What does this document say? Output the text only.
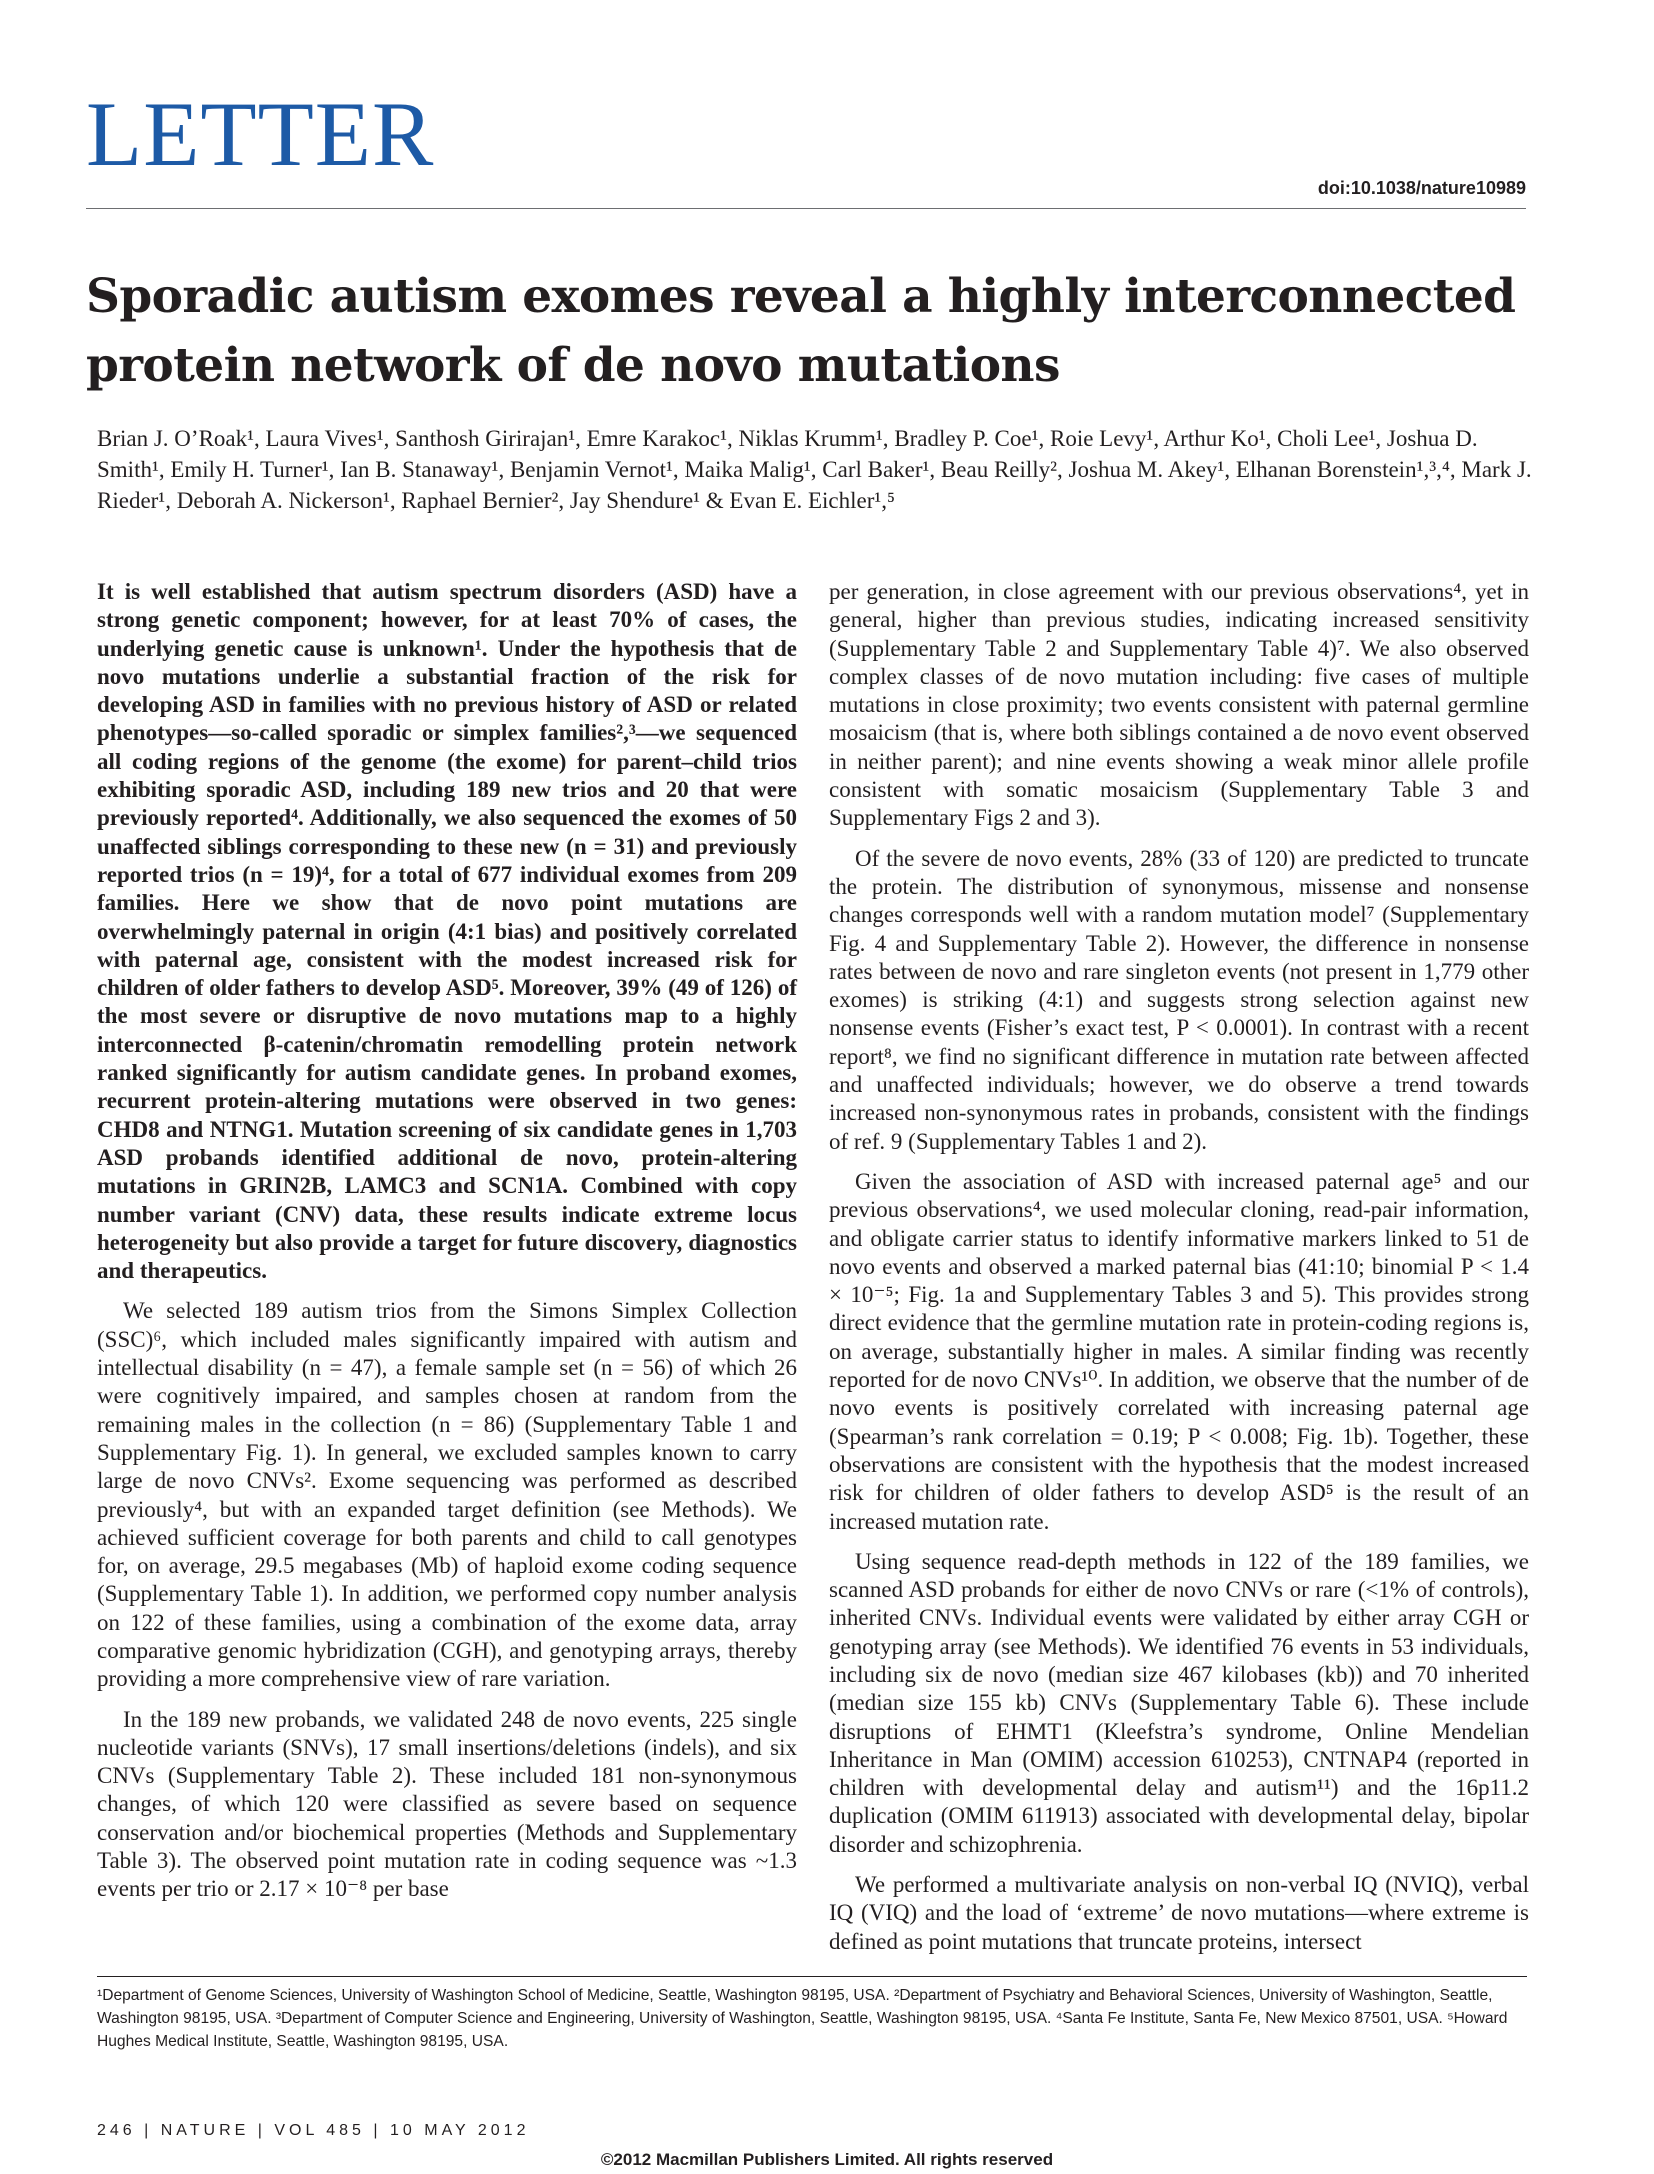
LETTER
doi:10.1038/nature10989
Sporadic autism exomes reveal a highly interconnected protein network of de novo mutations

Brian J. O’Roak¹, Laura Vives¹, Santhosh Girirajan¹, Emre Karakoc¹, Niklas Krumm¹, Bradley P. Coe¹, Roie Levy¹, Arthur Ko¹, Choli Lee¹, Joshua D. Smith¹, Emily H. Turner¹, Ian B. Stanaway¹, Benjamin Vernot¹, Maika Malig¹, Carl Baker¹, Beau Reilly², Joshua M. Akey¹, Elhanan Borenstein¹,³,⁴, Mark J. Rieder¹, Deborah A. Nickerson¹, Raphael Bernier², Jay Shendure¹ & Evan E. Eichler¹,⁵

It is well established that autism spectrum disorders (ASD) have a strong genetic component; however, for at least 70% of cases, the underlying genetic cause is unknown¹. Under the hypothesis that de novo mutations underlie a substantial fraction of the risk for developing ASD in families with no previous history of ASD or related phenotypes—so-called sporadic or simplex families²,³—we sequenced all coding regions of the genome (the exome) for parent–child trios exhibiting sporadic ASD, including 189 new trios and 20 that were previously reported⁴. Additionally, we also sequenced the exomes of 50 unaffected siblings corresponding to these new (n = 31) and previously reported trios (n = 19)⁴, for a total of 677 individual exomes from 209 families. Here we show that de novo point mutations are overwhelmingly paternal in origin (4:1 bias) and positively correlated with paternal age, consistent with the modest increased risk for children of older fathers to develop ASD⁵. Moreover, 39% (49 of 126) of the most severe or disruptive de novo mutations map to a highly interconnected β-catenin/chromatin remodelling protein network ranked significantly for autism candidate genes. In proband exomes, recurrent protein-altering mutations were observed in two genes: CHD8 and NTNG1. Mutation screening of six candidate genes in 1,703 ASD probands identified additional de novo, protein-altering mutations in GRIN2B, LAMC3 and SCN1A. Combined with copy number variant (CNV) data, these results indicate extreme locus heterogeneity but also provide a target for future discovery, diagnostics and therapeutics.

We selected 189 autism trios from the Simons Simplex Collection (SSC)⁶, which included males significantly impaired with autism and intellectual disability (n = 47), a female sample set (n = 56) of which 26 were cognitively impaired, and samples chosen at random from the remaining males in the collection (n = 86) (Supplementary Table 1 and Supplementary Fig. 1). In general, we excluded samples known to carry large de novo CNVs². Exome sequencing was performed as described previously⁴, but with an expanded target definition (see Methods). We achieved sufficient coverage for both parents and child to call genotypes for, on average, 29.5 megabases (Mb) of haploid exome coding sequence (Supplementary Table 1). In addition, we performed copy number analysis on 122 of these families, using a combination of the exome data, array comparative genomic hybridization (CGH), and genotyping arrays, thereby providing a more comprehensive view of rare variation.

In the 189 new probands, we validated 248 de novo events, 225 single nucleotide variants (SNVs), 17 small insertions/deletions (indels), and six CNVs (Supplementary Table 2). These included 181 non-synonymous changes, of which 120 were classified as severe based on sequence conservation and/or biochemical properties (Methods and Supplementary Table 3). The observed point mutation rate in coding sequence was ~1.3 events per trio or 2.17 × 10⁻⁸ per base

per generation, in close agreement with our previous observations⁴, yet in general, higher than previous studies, indicating increased sensitivity (Supplementary Table 2 and Supplementary Table 4)⁷. We also observed complex classes of de novo mutation including: five cases of multiple mutations in close proximity; two events consistent with paternal germline mosaicism (that is, where both siblings contained a de novo event observed in neither parent); and nine events showing a weak minor allele profile consistent with somatic mosaicism (Supplementary Table 3 and Supplementary Figs 2 and 3).

Of the severe de novo events, 28% (33 of 120) are predicted to truncate the protein. The distribution of synonymous, missense and nonsense changes corresponds well with a random mutation model⁷ (Supplementary Fig. 4 and Supplementary Table 2). However, the difference in nonsense rates between de novo and rare singleton events (not present in 1,779 other exomes) is striking (4:1) and suggests strong selection against new nonsense events (Fisher’s exact test, P < 0.0001). In contrast with a recent report⁸, we find no significant difference in mutation rate between affected and unaffected individuals; however, we do observe a trend towards increased non-synonymous rates in probands, consistent with the findings of ref. 9 (Supplementary Tables 1 and 2).

Given the association of ASD with increased paternal age⁵ and our previous observations⁴, we used molecular cloning, read-pair information, and obligate carrier status to identify informative markers linked to 51 de novo events and observed a marked paternal bias (41:10; binomial P < 1.4 × 10⁻⁵; Fig. 1a and Supplementary Tables 3 and 5). This provides strong direct evidence that the germline mutation rate in protein-coding regions is, on average, substantially higher in males. A similar finding was recently reported for de novo CNVs¹⁰. In addition, we observe that the number of de novo events is positively correlated with increasing paternal age (Spearman’s rank correlation = 0.19; P < 0.008; Fig. 1b). Together, these observations are consistent with the hypothesis that the modest increased risk for children of older fathers to develop ASD⁵ is the result of an increased mutation rate.

Using sequence read-depth methods in 122 of the 189 families, we scanned ASD probands for either de novo CNVs or rare (<1% of controls), inherited CNVs. Individual events were validated by either array CGH or genotyping array (see Methods). We identified 76 events in 53 individuals, including six de novo (median size 467 kilobases (kb)) and 70 inherited (median size 155 kb) CNVs (Supplementary Table 6). These include disruptions of EHMT1 (Kleefstra’s syndrome, Online Mendelian Inheritance in Man (OMIM) accession 610253), CNTNAP4 (reported in children with developmental delay and autism¹¹) and the 16p11.2 duplication (OMIM 611913) associated with developmental delay, bipolar disorder and schizophrenia.

We performed a multivariate analysis on non-verbal IQ (NVIQ), verbal IQ (VIQ) and the load of ‘extreme’ de novo mutations—where extreme is defined as point mutations that truncate proteins, intersect

¹Department of Genome Sciences, University of Washington School of Medicine, Seattle, Washington 98195, USA. ²Department of Psychiatry and Behavioral Sciences, University of Washington, Seattle, Washington 98195, USA. ³Department of Computer Science and Engineering, University of Washington, Seattle, Washington 98195, USA. ⁴Santa Fe Institute, Santa Fe, New Mexico 87501, USA. ⁵Howard Hughes Medical Institute, Seattle, Washington 98195, USA.

246 | NATURE | VOL 485 | 10 MAY 2012
©2012 Macmillan Publishers Limited. All rights reserved
